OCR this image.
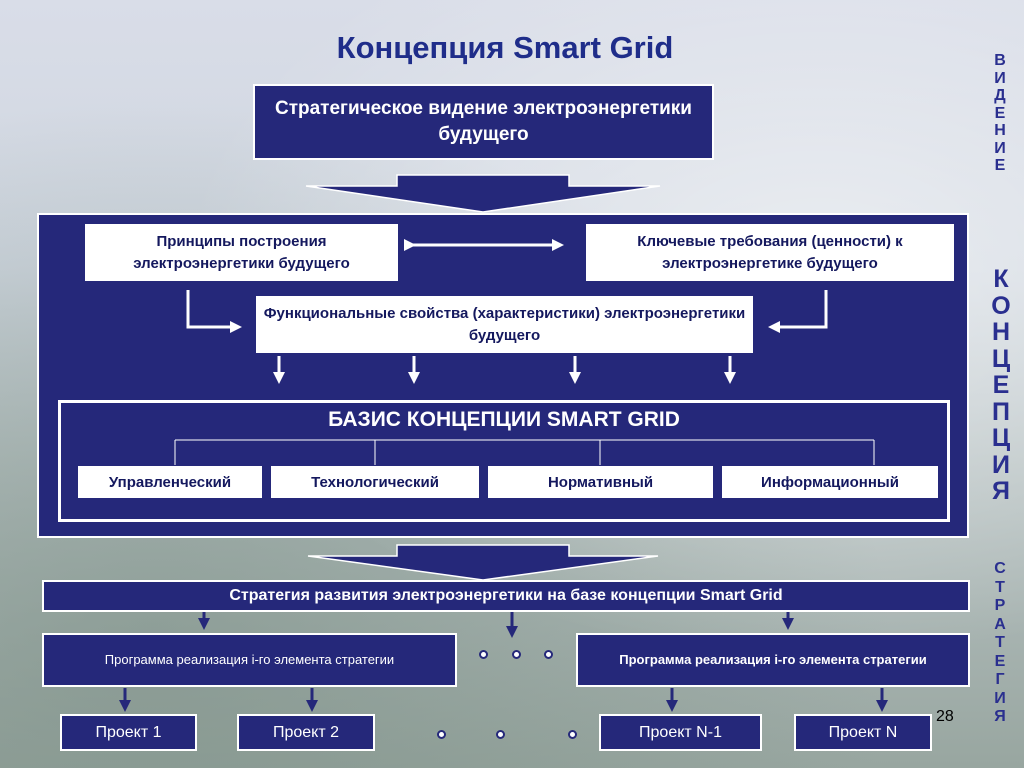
Концепция Smart Grid
Стратегическое видение электроэнергетики будущего
Принципы построения электроэнергетики будущего
Ключевые требования (ценности) к электроэнергетике будущего
Функциональные свойства (характеристики) электроэнергетики будущего
БАЗИС КОНЦЕПЦИИ SMART GRID
Управленческий	Технологический	Нормативный	Информационный
Стратегия развития электроэнергетики на базе концепции Smart Grid
Программа реализация i-го элемента стратегии	Программа реализация i-го элемента стратегии
Проект 1	Проект 2	Проект N-1	Проект N
В
И
Д
Е
Н
И
Е
К
О
Н
Ц
Е
П
Ц
И
Я
С
Т
Р
А
Т
Е
Г
И
Я
28
